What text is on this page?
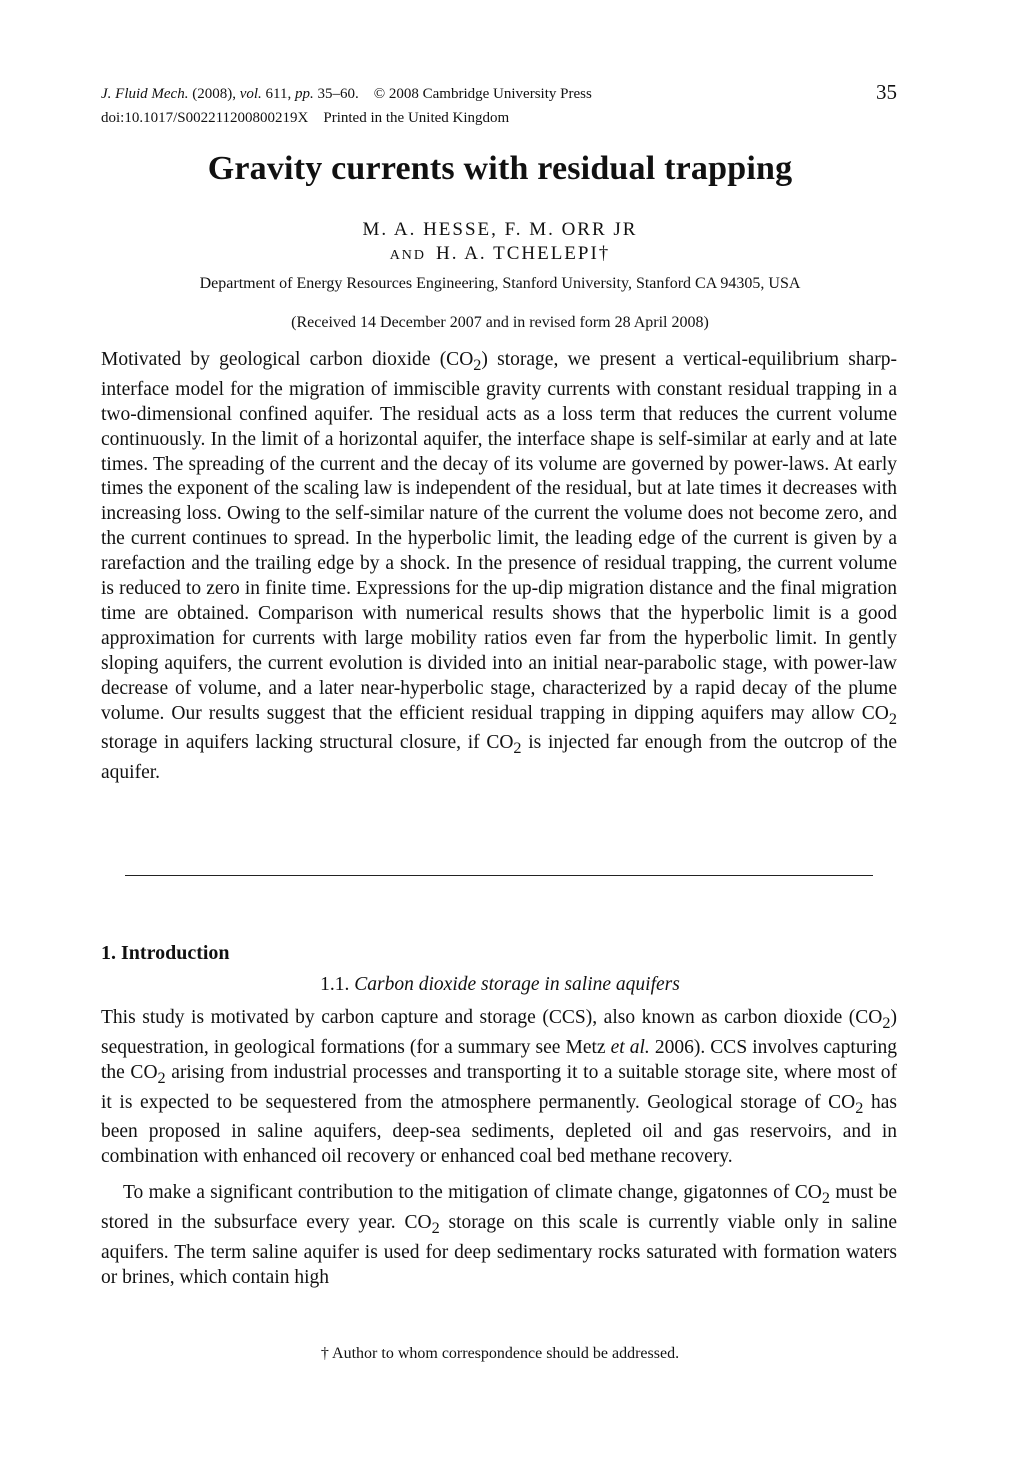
J. Fluid Mech. (2008), vol. 611, pp. 35–60. © 2008 Cambridge University Press
doi:10.1017/S002211200800219X Printed in the United Kingdom
35
Gravity currents with residual trapping
M. A. HESSE, F. M. ORR JR
AND H. A. TCHELEPI†
Department of Energy Resources Engineering, Stanford University, Stanford CA 94305, USA
(Received 14 December 2007 and in revised form 28 April 2008)

Motivated by geological carbon dioxide $(CO_2)$ storage, we present a vertical-equilibrium sharp-interface model for the migration of immiscible gravity currents with constant residual trapping in a two-dimensional confined aquifer. The residual acts as a loss term that reduces the current volume continuously. In the limit of a horizontal aquifer, the interface shape is self-similar at early and at late times. The spreading of the current and the decay of its volume are governed by power-laws. At early times the exponent of the scaling law is independent of the residual, but at late times it decreases with increasing loss. Owing to the self-similar nature of the current the volume does not become zero, and the current continues to spread. In the hyperbolic limit, the leading edge of the current is given by a rarefaction and the trailing edge by a shock. In the presence of residual trapping, the current volume is reduced to zero in finite time. Expressions for the up-dip migration distance and the final migration time are obtained. Comparison with numerical results shows that the hyperbolic limit is a good approximation for currents with large mobility ratios even far from the hyperbolic limit. In gently sloping aquifers, the current evolution is divided into an initial near-parabolic stage, with power-law decrease of volume, and a later near-hyperbolic stage, characterized by a rapid decay of the plume volume. Our results suggest that the efficient residual trapping in dipping aquifers may allow $CO_2$ storage in aquifers lacking structural closure, if $CO_2$ is injected far enough from the outcrop of the aquifer.

1. Introduction
1.1. Carbon dioxide storage in saline aquifers

This study is motivated by carbon capture and storage (CCS), also known as carbon dioxide $(CO_2)$ sequestration, in geological formations (for a summary see Metz et al. 2006). CCS involves capturing the $CO_2$ arising from industrial processes and transporting it to a suitable storage site, where most of it is expected to be sequestered from the atmosphere permanently. Geological storage of $CO_2$ has been proposed in saline aquifers, deep-sea sediments, depleted oil and gas reservoirs, and in combination with enhanced oil recovery or enhanced coal bed methane recovery.

To make a significant contribution to the mitigation of climate change, gigatonnes of $CO_2$ must be stored in the subsurface every year. $CO_2$ storage on this scale is currently viable only in saline aquifers. The term saline aquifer is used for deep sedimentary rocks saturated with formation waters or brines, which contain high

† Author to whom correspondence should be addressed.
